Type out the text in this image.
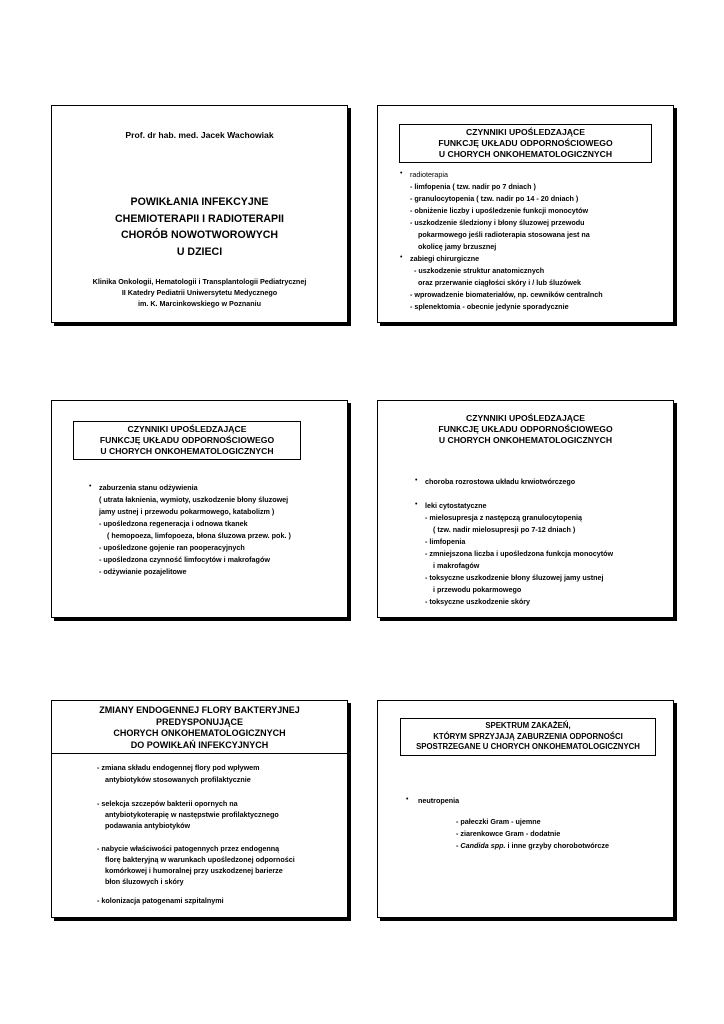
Prof. dr hab. med. Jacek Wachowiak
POWIKŁANIA INFEKCYJNE
CHEMIOTERAPII I RADIOTERAPII
CHORÓB NOWOTWOROWYCH
U DZIECI
Klinika Onkologii, Hematologii i Transplantologii Pediatrycznej
II Katedry Pediatrii Uniwersytetu Medycznego
im. K. Marcinkowskiego w Poznaniu
CZYNNIKI UPOŚLEDZAJĄCE
FUNKCJĘ UKŁADU ODPORNOŚCIOWEGO
U CHORYCH ONKOHEMATOLOGICZNYCH
• radioterapia
- limfopenia ( tzw. nadir po 7 dniach )
- granulocytopenia ( tzw. nadir po 14 - 20 dniach )
- obniżenie liczby i upośledzenie funkcji monocytów
- uszkodzenie śledziony i błony śluzowej przewodu
pokarmowego jeśli radioterapia stosowana jest na
okolicę jamy brzusznej
• zabiegi chirurgiczne
- uszkodzenie struktur anatomicznych
oraz przerwanie ciągłości skóry i / lub śluzówek
- wprowadzenie biomateriałów, np. cewników centralnch
- splenektomia - obecnie jedynie sporadycznie
CZYNNIKI UPOŚLEDZAJĄCE
FUNKCJĘ UKŁADU ODPORNOŚCIOWEGO
U CHORYCH ONKOHEMATOLOGICZNYCH
• zaburzenia stanu odżywienia
( utrata łaknienia, wymioty, uszkodzenie błony śluzowej
jamy ustnej i przewodu pokarmowego, katabolizm )
- upośledzona regeneracja i odnowa tkanek
( hemopoeza, limfopoeza, błona śluzowa przew. pok. )
- upośledzone gojenie ran pooperacyjnych
- upośledzona czynność limfocytów i makrofagów
- odżywianie pozajelitowe
CZYNNIKI UPOŚLEDZAJĄCE
FUNKCJĘ UKŁADU ODPORNOŚCIOWEGO
U CHORYCH ONKOHEMATOLOGICZNYCH
• choroba rozrostowa układu krwiotwórczego
• leki cytostatyczne
- mielosupresja z następczą granulocytopenią
( tzw. nadir mielosupresji po 7-12 dniach )
- limfopenia
- zmniejszona liczba i upośledzona funkcja monocytów
i makrofagów
- toksyczne uszkodzenie błony śluzowej jamy ustnej
i przewodu pokarmowego
- toksyczne uszkodzenie skóry
ZMIANY ENDOGENNEJ FLORY BAKTERYJNEJ
PREDYSPONUJĄCE
CHORYCH ONKOHEMATOLOGICZNYCH
DO POWIKŁAŃ INFEKCYJNYCH
- zmiana składu endogennej flory pod wpływem
antybiotyków stosowanych profilaktycznie
- selekcja szczepów bakterii opornych na
antybiotykoterapię w następstwie profilaktycznego
podawania antybiotyków
- nabycie właściwości patogennych przez endogenną
florę bakteryjną w warunkach upośledzonej odporności
komórkowej i humoralnej przy uszkodzenej barierze
błon śluzowych i skóry
- kolonizacja patogenami szpitalnymi
SPEKTRUM ZAKAŻEŃ,
KTÓRYM SPRZYJAJĄ ZABURZENIA ODPORNOŚCI
SPOSTRZEGANE U CHORYCH ONKOHEMATOLOGICZNYCH
• neutropenia
- pałeczki Gram - ujemne
- ziarenkowce Gram - dodatnie
- Candida spp. i inne grzyby chorobotwórcze
